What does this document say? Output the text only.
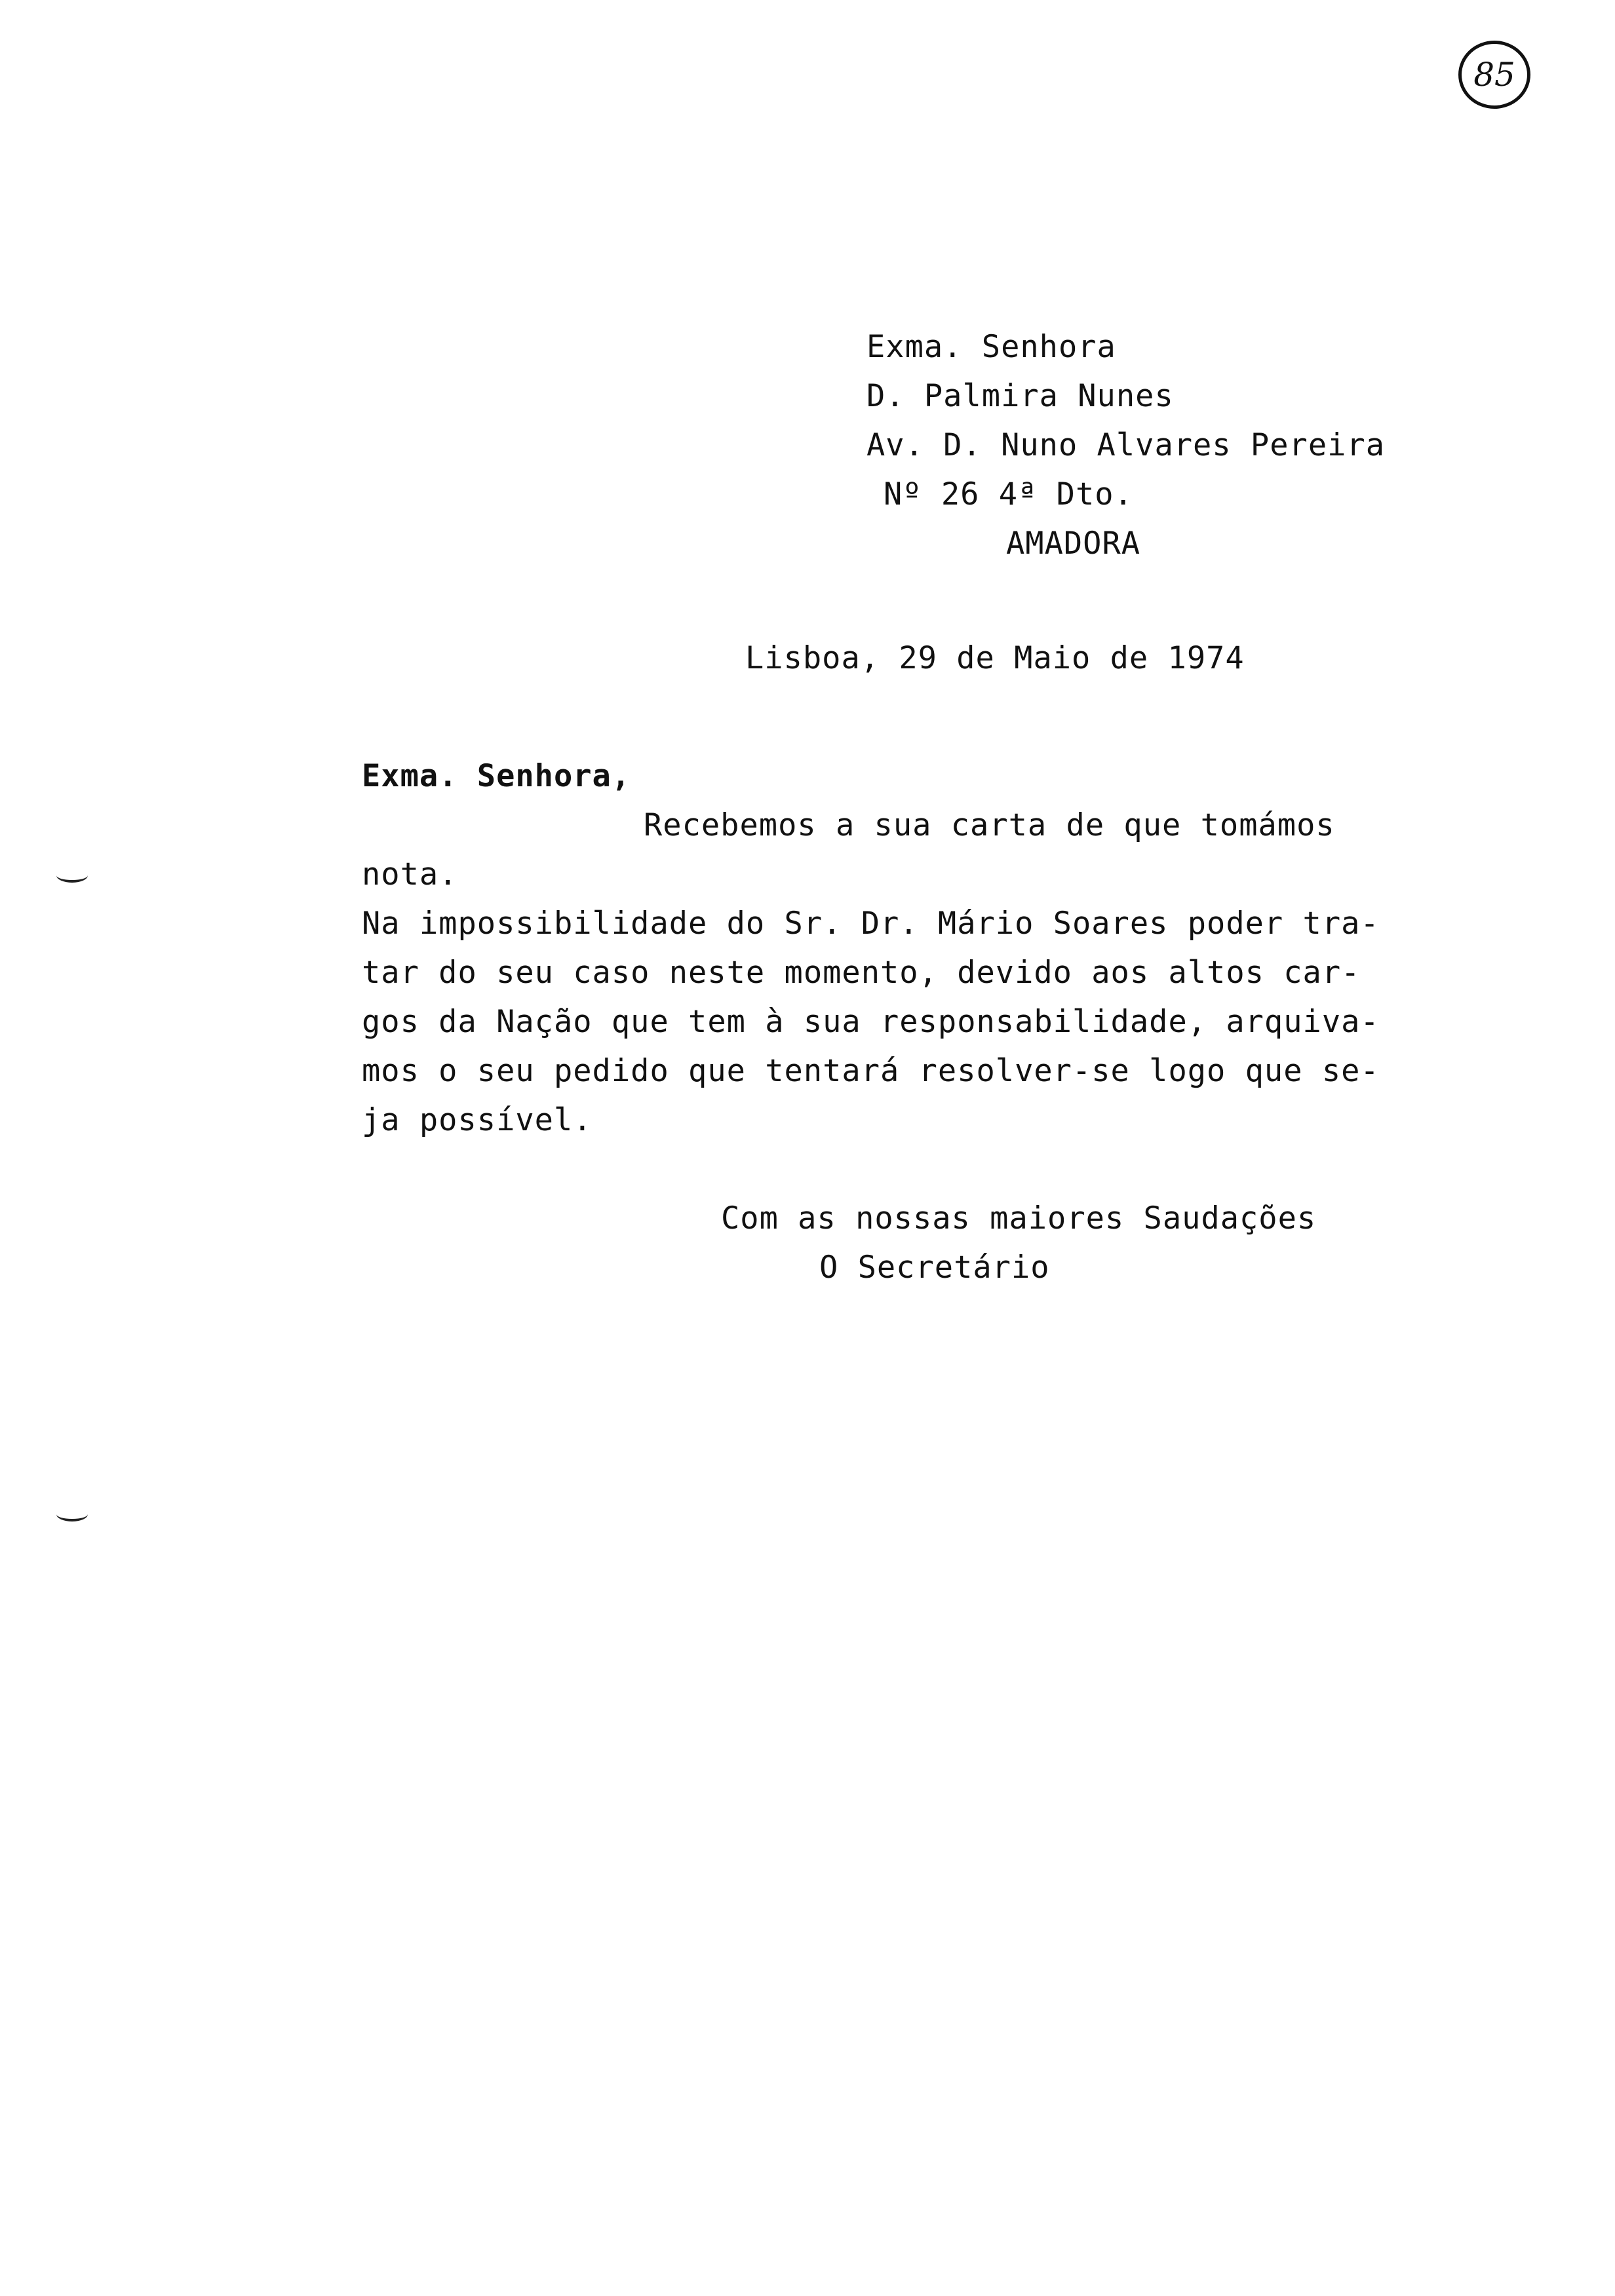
85
Exma. Senhora
D. Palmira Nunes
Av. D. Nuno Alvares Pereira
Nº 26 4ª Dto.
AMADORA
Lisboa, 29 de Maio de 1974
Exma. Senhora,
Recebemos a sua carta de que tomámos
nota.
Na impossibilidade do Sr. Dr. Mário Soares poder tra-
tar do seu caso neste momento, devido aos altos car-
gos da Nação que tem à sua responsabilidade, arquiva-
mos o seu pedido que tentará resolver-se logo que se-
ja possível.
Com as nossas maiores Saudações
O Secretário
